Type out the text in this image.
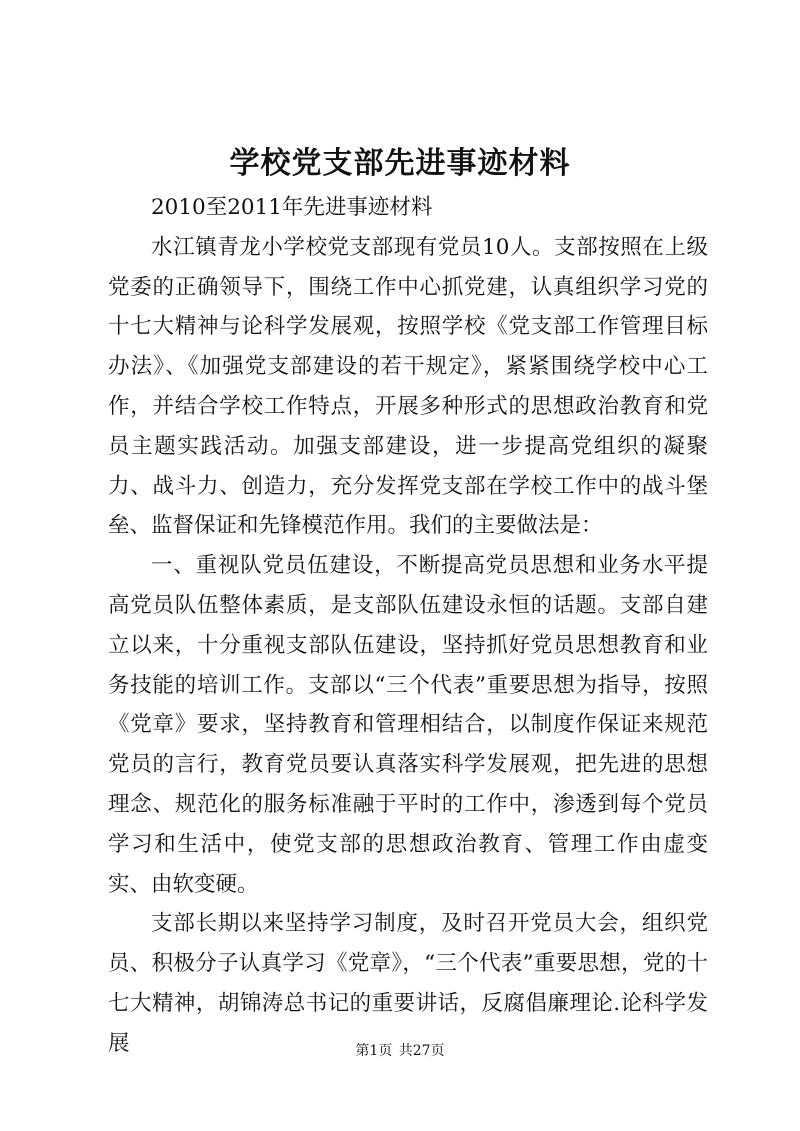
学校党支部先进事迹材料

2010至2011年先进事迹材料

水江镇青龙小学校党支部现有党员10人。支部按照在上级党委的正确领导下，围绕工作中心抓党建，认真组织学习党的十七大精神与论科学发展观，按照学校《党支部工作管理目标办法》、《加强党支部建设的若干规定》，紧紧围绕学校中心工作，并结合学校工作特点，开展多种形式的思想政治教育和党员主题实践活动。加强支部建设，进一步提高党组织的凝聚力、战斗力、创造力，充分发挥党支部在学校工作中的战斗堡垒、监督保证和先锋模范作用。我们的主要做法是：

一、重视队党员伍建设，不断提高党员思想和业务水平提高党员队伍整体素质，是支部队伍建设永恒的话题。支部自建立以来，十分重视支部队伍建设，坚持抓好党员思想教育和业务技能的培训工作。支部以“三个代表”重要思想为指导，按照《党章》要求，坚持教育和管理相结合，以制度作保证来规范党员的言行，教育党员要认真落实科学发展观，把先进的思想理念、规范化的服务标准融于平时的工作中，渗透到每个党员学习和生活中，使党支部的思想政治教育、管理工作由虚变实、由软变硬。

支部长期以来坚持学习制度，及时召开党员大会，组织党员、积极分子认真学习《党章》，“三个代表”重要思想，党的十七大精神，胡锦涛总书记的重要讲话，反腐倡廉理论.论科学发展	第1页 共27页
